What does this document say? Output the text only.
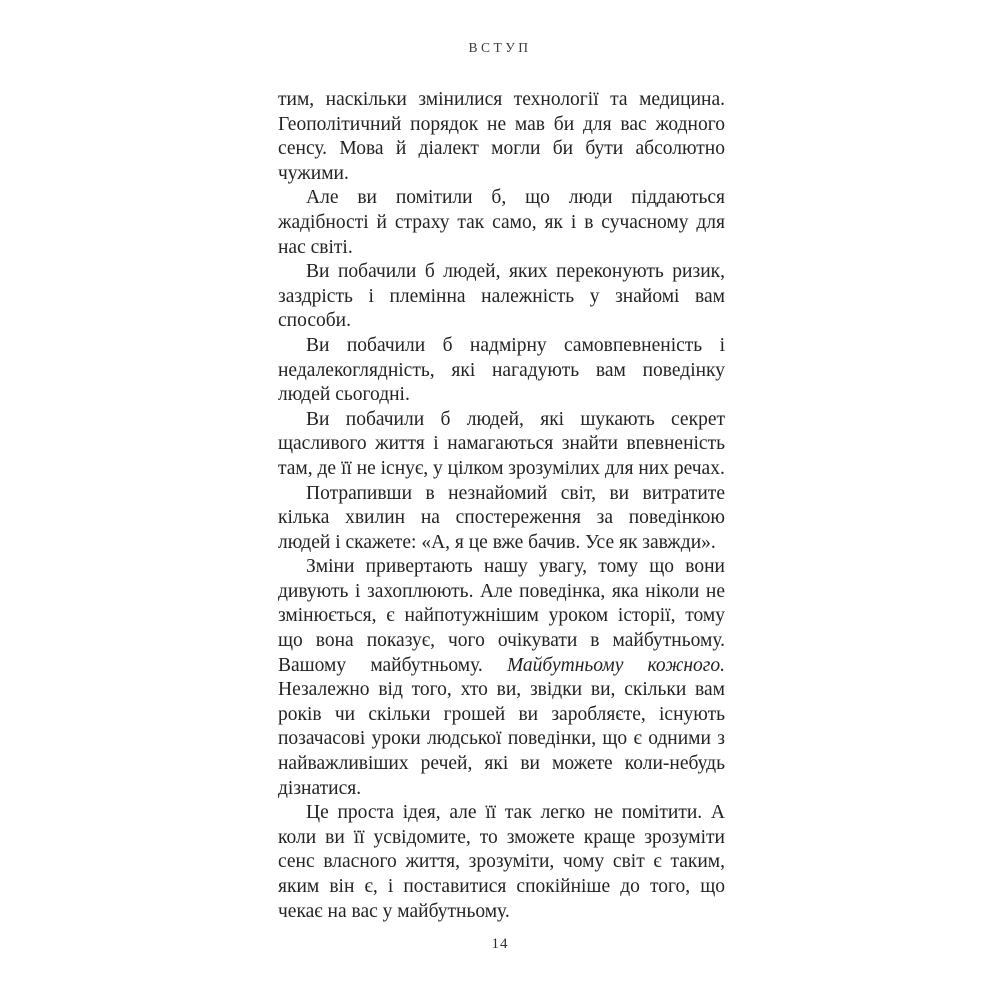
ВСТУП

тим, наскільки змінилися технології та медицина. Геополітичний порядок не мав би для вас жодного сенсу. Мова й діалект могли би бути абсолютно чужими.

Але ви помітили б, що люди піддаються жадібності й страху так само, як і в сучасному для нас світі.

Ви побачили б людей, яких переконують ризик, заздрість і племінна належність у знайомі вам способи.

Ви побачили б надмірну самовпевненість і недалекоглядність, які нагадують вам поведінку людей сьогодні.

Ви побачили б людей, які шукають секрет щасливого життя і намагаються знайти впевненість там, де її не існує, у цілком зрозумілих для них речах.

Потрапивши в незнайомий світ, ви витратите кілька хвилин на спостереження за поведінкою людей і скажете: «А, я це вже бачив. Усе як завжди».

Зміни привертають нашу увагу, тому що вони дивують і захоплюють. Але поведінка, яка ніколи не змінюється, є найпотужнішим уроком історії, тому що вона показує, чого очікувати в майбутньому. Вашому майбутньому. Майбутньому кожного. Незалежно від того, хто ви, звідки ви, скільки вам років чи скільки грошей ви заробляєте, існують позачасові уроки людської поведінки, що є одними з найважливіших речей, які ви можете коли-небудь дізнатися.

Це проста ідея, але її так легко не помітити. А коли ви її усвідомите, то зможете краще зрозуміти сенс власного життя, зрозуміти, чому світ є таким, яким він є, і поставитися спокійніше до того, що чекає на вас у майбутньому.

14
